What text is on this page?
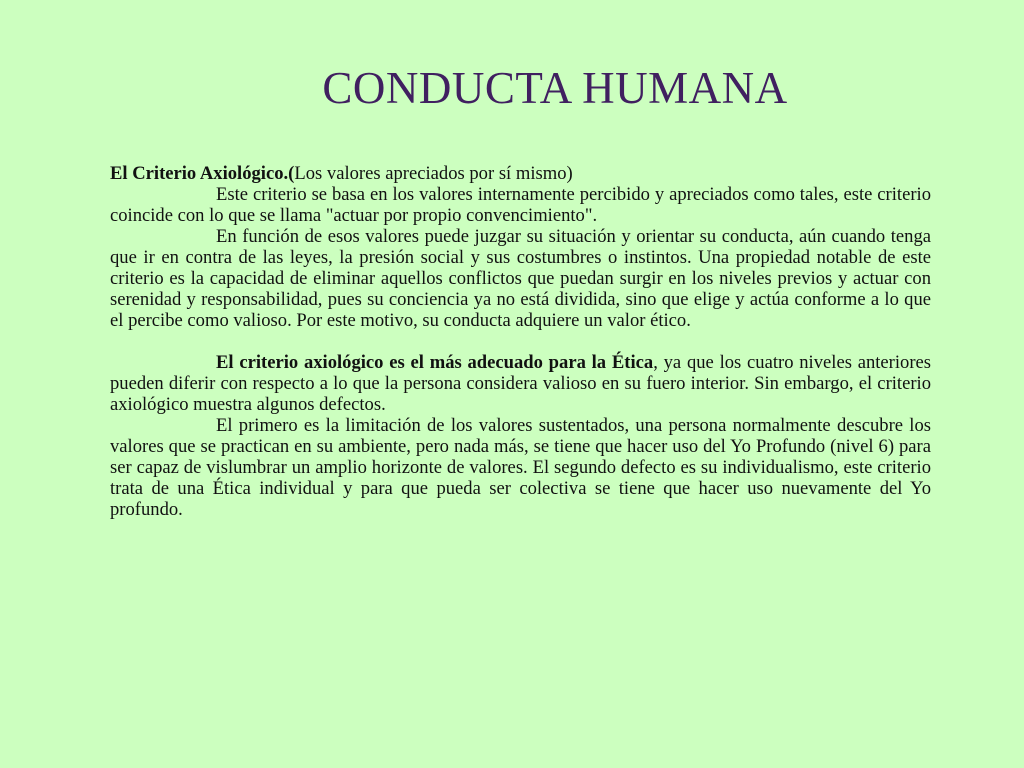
CONDUCTA HUMANA

El Criterio Axiológico.(Los valores apreciados por sí mismo)

Este criterio se basa en los valores internamente percibido y apreciados como tales, este criterio coincide con lo que se llama "actuar por propio convencimiento".

En función de esos valores puede juzgar su situación y orientar su conducta, aún cuando tenga que ir en contra de las leyes, la presión social y sus costumbres o instintos. Una propiedad notable de este criterio es la capacidad de eliminar aquellos conflictos que puedan surgir en los niveles previos y actuar con serenidad y responsabilidad, pues su conciencia ya no está dividida, sino que elige y actúa conforme a lo que el percibe como valioso. Por este motivo, su conducta adquiere un valor ético.

El criterio axiológico es el más adecuado para la Ética, ya que los cuatro niveles anteriores pueden diferir con respecto a lo que la persona considera valioso en su fuero interior. Sin embargo, el criterio axiológico muestra algunos defectos.

El primero es la limitación de los valores sustentados, una persona normalmente descubre los valores que se practican en su ambiente, pero nada más, se tiene que hacer uso del Yo Profundo (nivel 6) para ser capaz de vislumbrar un amplio horizonte de valores. El segundo defecto es su individualismo, este criterio trata de una Ética individual y para que pueda ser colectiva se tiene que hacer uso nuevamente del Yo profundo.
